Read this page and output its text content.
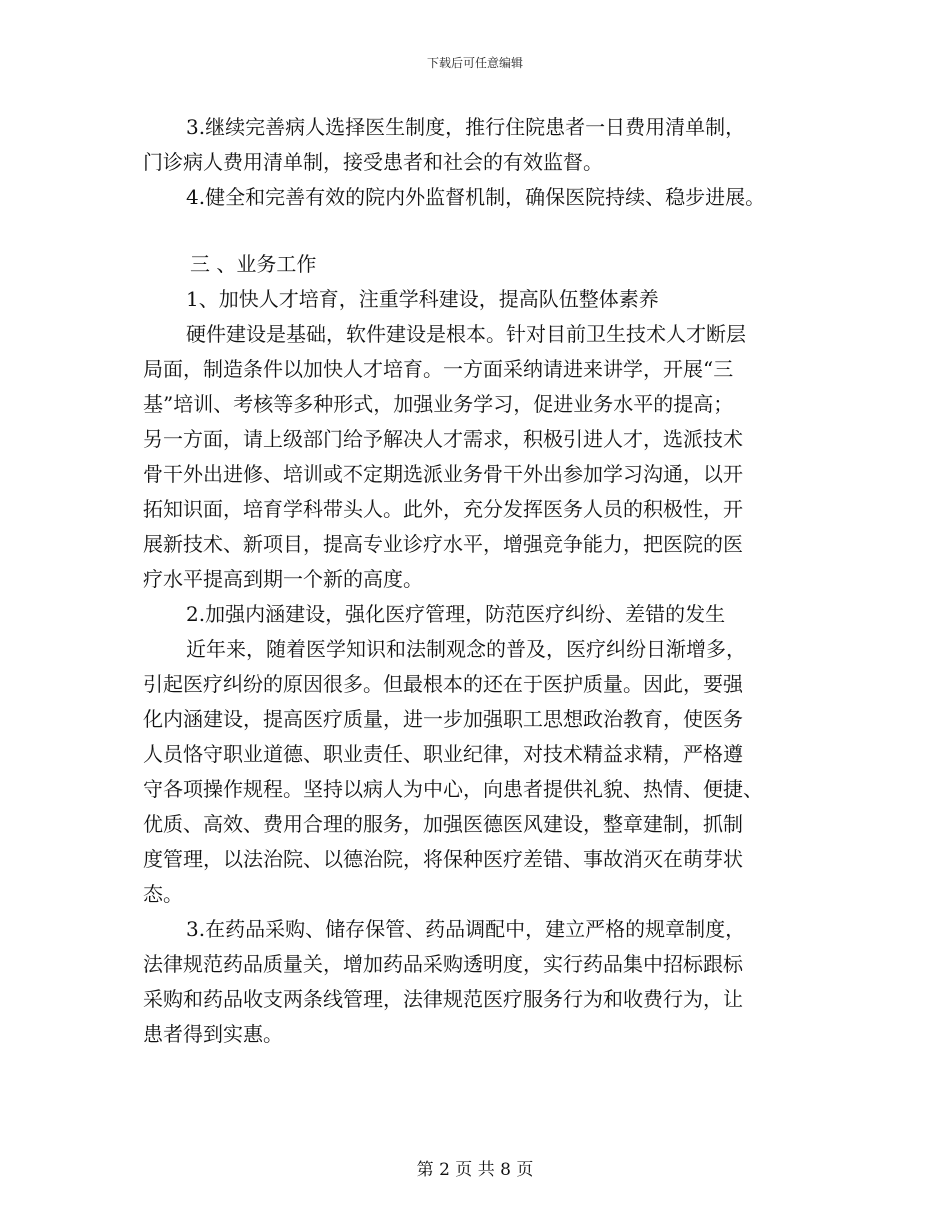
下载后可任意编辑
3.继续完善病人选择医生制度，推行住院患者一日费用清单制，
门诊病人费用清单制，接受患者和社会的有效监督。
4.健全和完善有效的院内外监督机制，确保医院持续、稳步进展。
三 、业务工作
1、加快人才培育，注重学科建设，提高队伍整体素养
硬件建设是基础，软件建设是根本。针对目前卫生技术人才断层
局面，制造条件以加快人才培育。一方面采纳请进来讲学，开展“三
基”培训、考核等多种形式，加强业务学习，促进业务水平的提高；
另一方面，请上级部门给予解决人才需求，积极引进人才，选派技术
骨干外出进修、培训或不定期选派业务骨干外出参加学习沟通，以开
拓知识面，培育学科带头人。此外，充分发挥医务人员的积极性，开
展新技术、新项目，提高专业诊疗水平，增强竞争能力，把医院的医
疗水平提高到期一个新的高度。
2.加强内涵建设，强化医疗管理，防范医疗纠纷、差错的发生
近年来，随着医学知识和法制观念的普及，医疗纠纷日渐增多，
引起医疗纠纷的原因很多。但最根本的还在于医护质量。因此，要强
化内涵建设，提高医疗质量，进一步加强职工思想政治教育，使医务
人员恪守职业道德、职业责任、职业纪律，对技术精益求精，严格遵
守各项操作规程。坚持以病人为中心，向患者提供礼貌、热情、便捷、
优质、高效、费用合理的服务，加强医德医风建设，整章建制，抓制
度管理，以法治院、以德治院，将保种医疗差错、事故消灭在萌芽状
态。
3.在药品采购、储存保管、药品调配中，建立严格的规章制度，
法律规范药品质量关，增加药品采购透明度，实行药品集中招标跟标
采购和药品收支两条线管理，法律规范医疗服务行为和收费行为，让
患者得到实惠。
第 2 页 共 8 页
